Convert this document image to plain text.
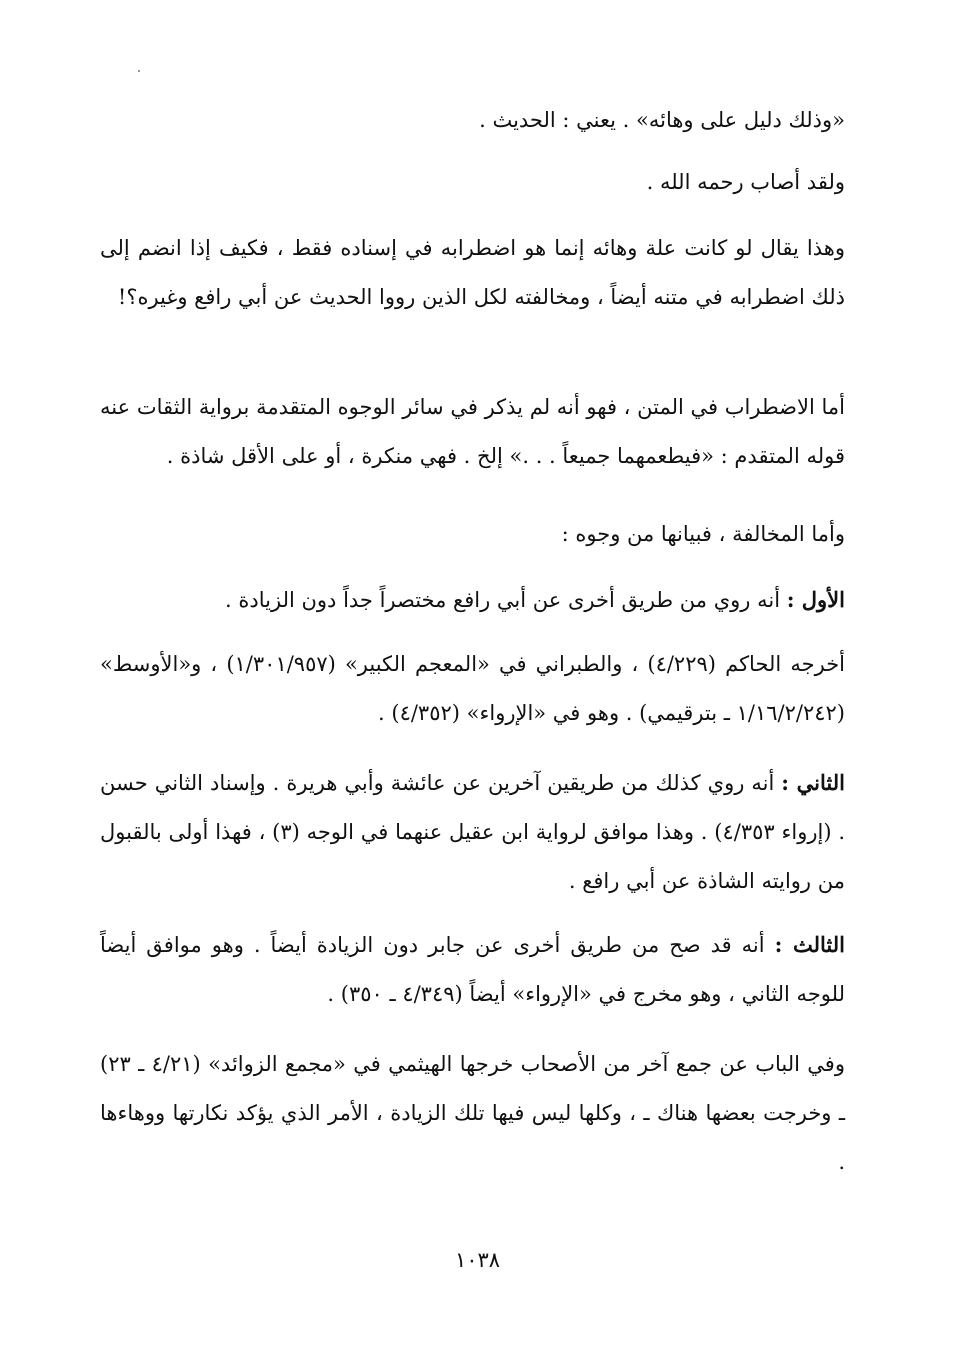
«وذلك دليل على وهائه» . يعني : الحديث .

ولقد أصاب رحمه الله .

وهذا يقال لو كانت علة وهائه إنما هو اضطرابه في إسناده فقط ، فكيف إذا انضم إلى ذلك اضطرابه في متنه أيضاً ، ومخالفته لكل الذين رووا الحديث عن أبي رافع وغيره؟!

أما الاضطراب في المتن ، فهو أنه لم يذكر في سائر الوجوه المتقدمة برواية الثقات عنه قوله المتقدم : «فيطعمهما جميعاً . . .» إلخ . فهي منكرة ، أو على الأقل شاذة .

وأما المخالفة ، فبيانها من وجوه :

الأول : أنه روي من طريق أخرى عن أبي رافع مختصراً جداً دون الزيادة .

أخرجه الحاكم (٤/٢٢٩) ، والطبراني في «المعجم الكبير» (١/٣٠١/٩٥٧) ، و«الأوسط» (١/١٦/٢/٢٤٢ ـ بترقيمي) . وهو في «الإرواء» (٤/٣٥٢) .

الثاني : أنه روي كذلك من طريقين آخرين عن عائشة وأبي هريرة . وإسناد الثاني حسن . (إرواء ٤/٣٥٣) . وهذا موافق لرواية ابن عقيل عنهما في الوجه (٣) ، فهذا أولى بالقبول من روايته الشاذة عن أبي رافع .

الثالث : أنه قد صح من طريق أخرى عن جابر دون الزيادة أيضاً . وهو موافق أيضاً للوجه الثاني ، وهو مخرج في «الإرواء» أيضاً (٤/٣٤٩ ـ ٣٥٠) .

وفي الباب عن جمع آخر من الأصحاب خرجها الهيثمي في «مجمع الزوائد» (٤/٢١ ـ ٢٣) ـ وخرجت بعضها هناك ـ ، وكلها ليس فيها تلك الزيادة ، الأمر الذي يؤكد نكارتها ووهاءها .

١٠٣٨
